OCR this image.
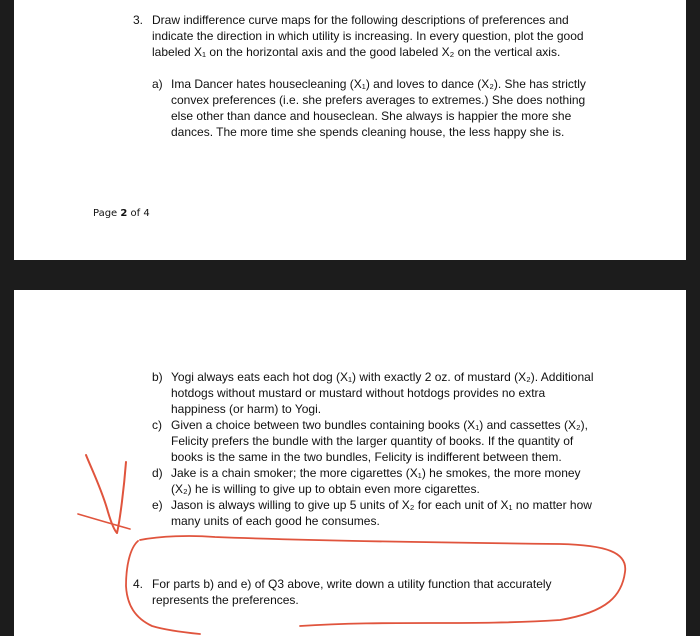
3. Draw indifference curve maps for the following descriptions of preferences and
indicate the direction in which utility is increasing. In every question, plot the good
labeled X₁ on the horizontal axis and the good labeled X₂ on the vertical axis.
a) Ima Dancer hates housecleaning (X₁) and loves to dance (X₂). She has strictly
convex preferences (i.e. she prefers averages to extremes.) She does nothing
else other than dance and houseclean. She always is happier the more she
dances. The more time she spends cleaning house, the less happy she is.
Page 2 of 4
b) Yogi always eats each hot dog (X₁) with exactly 2 oz. of mustard (X₂). Additional
hotdogs without mustard or mustard without hotdogs provides no extra
happiness (or harm) to Yogi.
c) Given a choice between two bundles containing books (X₁) and cassettes (X₂),
Felicity prefers the bundle with the larger quantity of books. If the quantity of
books is the same in the two bundles, Felicity is indifferent between them.
d) Jake is a chain smoker; the more cigarettes (X₁) he smokes, the more money
(X₂) he is willing to give up to obtain even more cigarettes.
e) Jason is always willing to give up 5 units of X₂ for each unit of X₁ no matter how
many units of each good he consumes.
4. For parts b) and e) of Q3 above, write down a utility function that accurately
represents the preferences.
